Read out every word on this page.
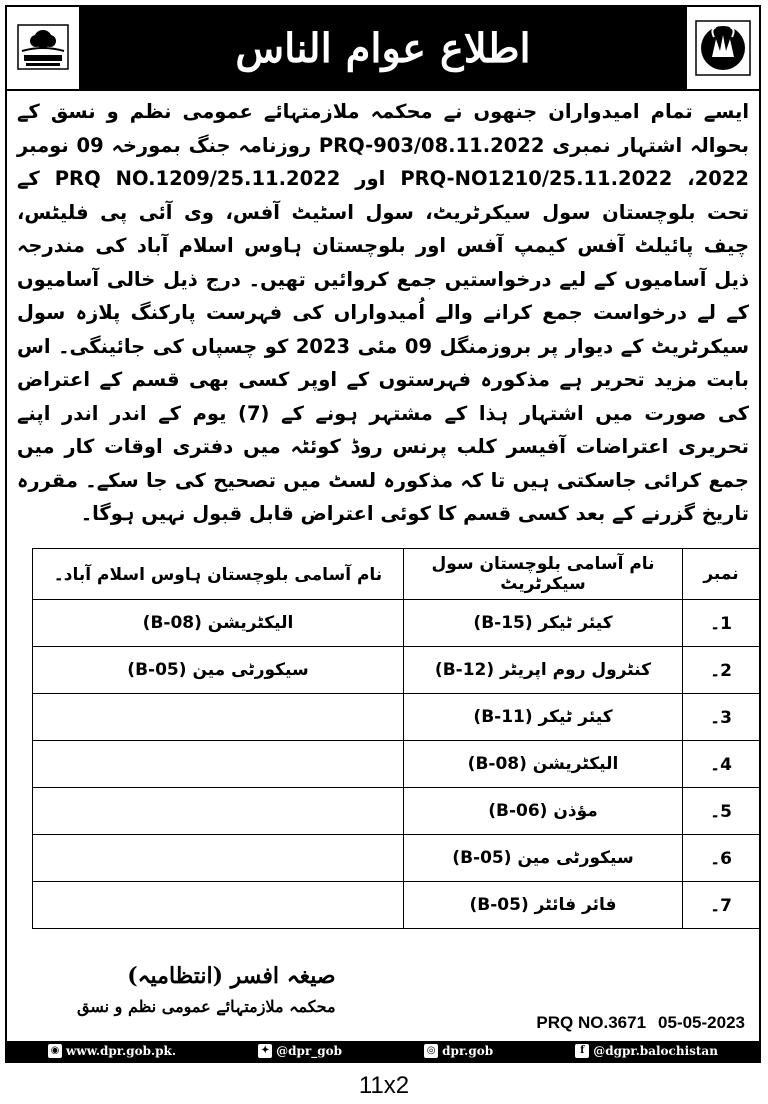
اطلاع عوام الناس

ایسے تمام امیدواران جنھوں نے محکمہ ملازمتہائے عمومی نظم و نسق کے بحوالہ اشتہار نمبری PRQ-903/08.11.2022 روزنامہ جنگ بمورخہ 09 نومبر 2022، PRQ-NO1210/25.11.2022 اور PRQ NO.1209/25.11.2022 کے تحت بلوچستان سول سیکرٹریٹ، سول اسٹیٹ آفس، وی آئی پی فلیٹس، چیف پائیلٹ آفس کیمپ آفس اور بلوچستان ہاوس اسلام آباد کی مندرجہ ذیل آسامیوں کے لیے درخواستیں جمع کروائیں تھیں۔ درج ذیل خالی آسامیوں کے لے درخواست جمع کرانے والے اُمیدواراں کی فہرست پارکنگ پلازہ سول سیکرٹریٹ کے دیوار پر بروزمنگل 09 مئی 2023 کو چسپاں کی جائینگی۔ اس بابت مزید تحریر ہے مذکورہ فہرستوں کے اوپر کسی بھی قسم کے اعتراض کی صورت میں اشتہار ہذا کے مشتہر ہونے کے (7) یوم کے اندر اندر اپنے تحریری اعتراضات آفیسر کلب پرنس روڈ کوئٹہ میں دفتری اوقات کار میں جمع کرائی جاسکتی ہیں تا کہ مذکورہ لسٹ میں تصحیح کی جا سکے۔ مقررہ تاریخ گزرنے کے بعد کسی قسم کا کوئی اعتراض قابل قبول نہیں ہوگا۔

نمبر	نام آسامی بلوچستان سول سیکرٹریٹ	نام آسامی بلوچستان ہاوس اسلام آباد۔
1۔	کیئر ٹیکر (B-15)	الیکٹریشن (B-08)
2۔	کنٹرول روم اپریٹر (B-12)	سیکورٹی مین (B-05)
3۔	کیئر ٹیکر (B-11)	
4۔	الیکٹریشن (B-08)	
5۔	مؤذن (B-06)	
6۔	سیکورٹی مین (B-05)	
7۔	فائر فائٹر (B-05)	
صیغہ افسر (انتظامیہ)
محکمہ ملازمتہائے عمومی نظم و نسق
PRQ NO.3671 05-05-2023
◉ www.dpr.gob.pk.	✦ @dpr_gob	◎ dpr.gob	f @dgpr.balochistan
11x2
